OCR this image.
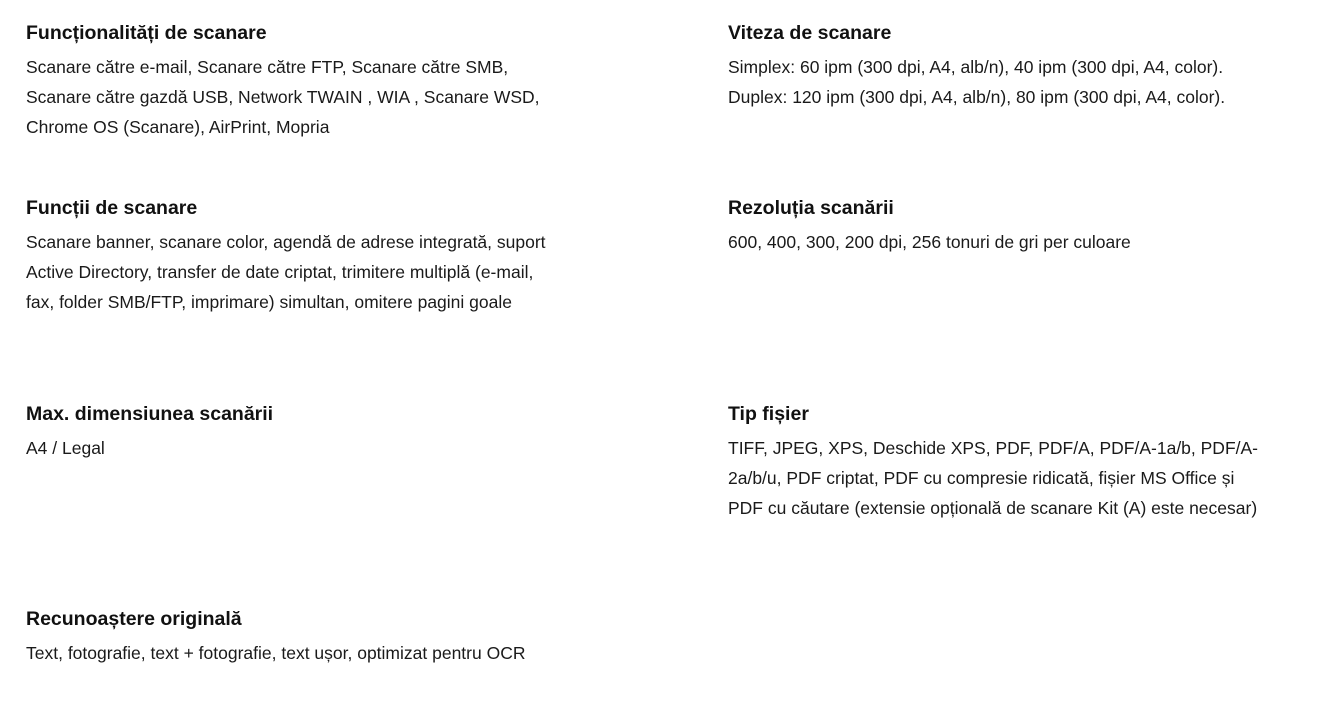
Funcționalități de scanare

Scanare către e-mail, Scanare către FTP, Scanare către SMB, Scanare către gazdă USB, Network TWAIN , WIA , Scanare WSD, Chrome OS (Scanare), AirPrint, Mopria

Funcții de scanare

Scanare banner, scanare color, agendă de adrese integrată, suport Active Directory, transfer de date criptat, trimitere multiplă (e-mail, fax, folder SMB/FTP, imprimare) simultan, omitere pagini goale

Max. dimensiunea scanării

A4 / Legal

Recunoaștere originală

Text, fotografie, text + fotografie, text ușor, optimizat pentru OCR

Viteza de scanare

Simplex: 60 ipm (300 dpi, A4, alb/n), 40 ipm (300 dpi, A4, color). Duplex: 120 ipm (300 dpi, A4, alb/n), 80 ipm (300 dpi, A4, color).

Rezoluția scanării

600, 400, 300, 200 dpi, 256 tonuri de gri per culoare

Tip fișier

TIFF, JPEG, XPS, Deschide XPS, PDF, PDF/A, PDF/A-1a/b, PDF/A-2a/b/u, PDF criptat, PDF cu compresie ridicată, fișier MS Office și PDF cu căutare (extensie opțională de scanare Kit (A) este necesar)
